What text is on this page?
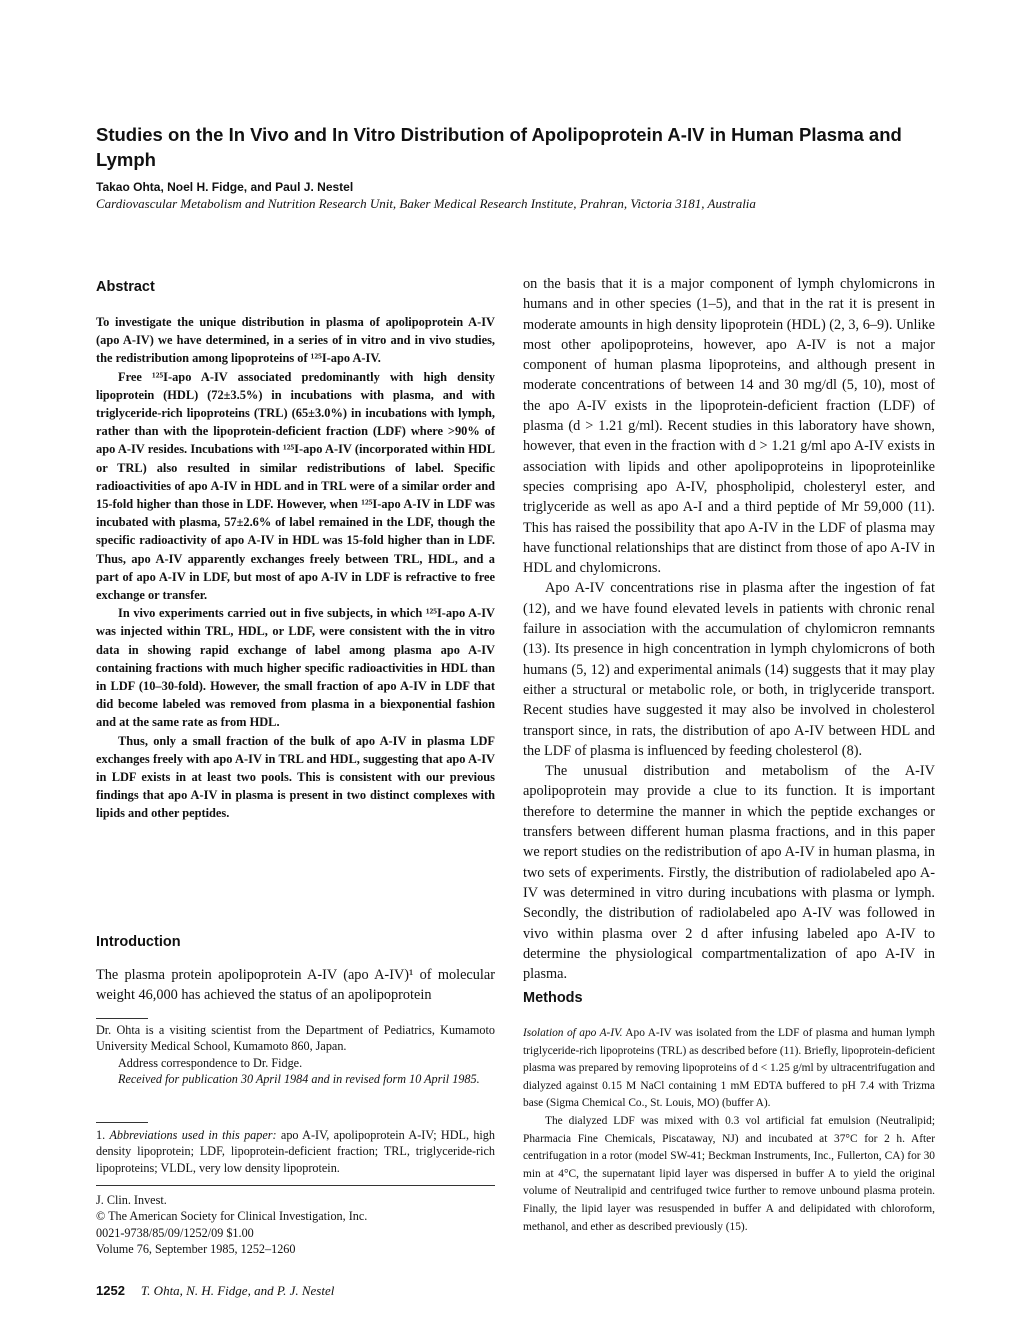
Studies on the In Vivo and In Vitro Distribution of Apolipoprotein A-IV in Human Plasma and Lymph
Takao Ohta, Noel H. Fidge, and Paul J. Nestel
Cardiovascular Metabolism and Nutrition Research Unit, Baker Medical Research Institute, Prahran, Victoria 3181, Australia
Abstract

To investigate the unique distribution in plasma of apolipoprotein A-IV (apo A-IV) we have determined, in a series of in vitro and in vivo studies, the redistribution among lipoproteins of ¹²⁵I-apo A-IV.

Free ¹²⁵I-apo A-IV associated predominantly with high density lipoprotein (HDL) (72±3.5%) in incubations with plasma, and with triglyceride-rich lipoproteins (TRL) (65±3.0%) in incubations with lymph, rather than with the lipoprotein-deficient fraction (LDF) where >90% of apo A-IV resides. Incubations with ¹²⁵I-apo A-IV (incorporated within HDL or TRL) also resulted in similar redistributions of label. Specific radioactivities of apo A-IV in HDL and in TRL were of a similar order and 15-fold higher than those in LDF. However, when ¹²⁵I-apo A-IV in LDF was incubated with plasma, 57±2.6% of label remained in the LDF, though the specific radioactivity of apo A-IV in HDL was 15-fold higher than in LDF. Thus, apo A-IV apparently exchanges freely between TRL, HDL, and a part of apo A-IV in LDF, but most of apo A-IV in LDF is refractive to free exchange or transfer.

In vivo experiments carried out in five subjects, in which ¹²⁵I-apo A-IV was injected within TRL, HDL, or LDF, were consistent with the in vitro data in showing rapid exchange of label among plasma apo A-IV containing fractions with much higher specific radioactivities in HDL than in LDF (10–30-fold). However, the small fraction of apo A-IV in LDF that did become labeled was removed from plasma in a biexponential fashion and at the same rate as from HDL.

Thus, only a small fraction of the bulk of apo A-IV in plasma LDF exchanges freely with apo A-IV in TRL and HDL, suggesting that apo A-IV in LDF exists in at least two pools. This is consistent with our previous findings that apo A-IV in plasma is present in two distinct complexes with lipids and other peptides.

Introduction

The plasma protein apolipoprotein A-IV (apo A-IV)¹ of molecular weight 46,000 has achieved the status of an apolipoprotein

Dr. Ohta is a visiting scientist from the Department of Pediatrics, Kumamoto University Medical School, Kumamoto 860, Japan.

Address correspondence to Dr. Fidge.

Received for publication 30 April 1984 and in revised form 10 April 1985.

1. Abbreviations used in this paper: apo A-IV, apolipoprotein A-IV; HDL, high density lipoprotein; LDF, lipoprotein-deficient fraction; TRL, triglyceride-rich lipoproteins; VLDL, very low density lipoprotein.

J. Clin. Invest.

© The American Society for Clinical Investigation, Inc.

0021-9738/85/09/1252/09 $1.00

Volume 76, September 1985, 1252–1260

on the basis that it is a major component of lymph chylomicrons in humans and in other species (1–5), and that in the rat it is present in moderate amounts in high density lipoprotein (HDL) (2, 3, 6–9). Unlike most other apolipoproteins, however, apo A-IV is not a major component of human plasma lipoproteins, and although present in moderate concentrations of between 14 and 30 mg/dl (5, 10), most of the apo A-IV exists in the lipoprotein-deficient fraction (LDF) of plasma (d > 1.21 g/ml). Recent studies in this laboratory have shown, however, that even in the fraction with d > 1.21 g/ml apo A-IV exists in association with lipids and other apolipoproteins in lipoproteinlike species comprising apo A-IV, phospholipid, cholesteryl ester, and triglyceride as well as apo A-I and a third peptide of Mr 59,000 (11). This has raised the possibility that apo A-IV in the LDF of plasma may have functional relationships that are distinct from those of apo A-IV in HDL and chylomicrons.

Apo A-IV concentrations rise in plasma after the ingestion of fat (12), and we have found elevated levels in patients with chronic renal failure in association with the accumulation of chylomicron remnants (13). Its presence in high concentration in lymph chylomicrons of both humans (5, 12) and experimental animals (14) suggests that it may play either a structural or metabolic role, or both, in triglyceride transport. Recent studies have suggested it may also be involved in cholesterol transport since, in rats, the distribution of apo A-IV between HDL and the LDF of plasma is influenced by feeding cholesterol (8).

The unusual distribution and metabolism of the A-IV apolipoprotein may provide a clue to its function. It is important therefore to determine the manner in which the peptide exchanges or transfers between different human plasma fractions, and in this paper we report studies on the redistribution of apo A-IV in human plasma, in two sets of experiments. Firstly, the distribution of radiolabeled apo A-IV was determined in vitro during incubations with plasma or lymph. Secondly, the distribution of radiolabeled apo A-IV was followed in vivo within plasma over 2 d after infusing labeled apo A-IV to determine the physiological compartmentalization of apo A-IV in plasma.

Methods

Isolation of apo A-IV. Apo A-IV was isolated from the LDF of plasma and human lymph triglyceride-rich lipoproteins (TRL) as described before (11). Briefly, lipoprotein-deficient plasma was prepared by removing lipoproteins of d < 1.25 g/ml by ultracentrifugation and dialyzed against 0.15 M NaCl containing 1 mM EDTA buffered to pH 7.4 with Trizma base (Sigma Chemical Co., St. Louis, MO) (buffer A).

The dialyzed LDF was mixed with 0.3 vol artificial fat emulsion (Neutralipid; Pharmacia Fine Chemicals, Piscataway, NJ) and incubated at 37°C for 2 h. After centrifugation in a rotor (model SW-41; Beckman Instruments, Inc., Fullerton, CA) for 30 min at 4°C, the supernatant lipid layer was dispersed in buffer A to yield the original volume of Neutralipid and centrifuged twice further to remove unbound plasma protein. Finally, the lipid layer was resuspended in buffer A and delipidated with chloroform, methanol, and ether as described previously (15).

1252 T. Ohta, N. H. Fidge, and P. J. Nestel
